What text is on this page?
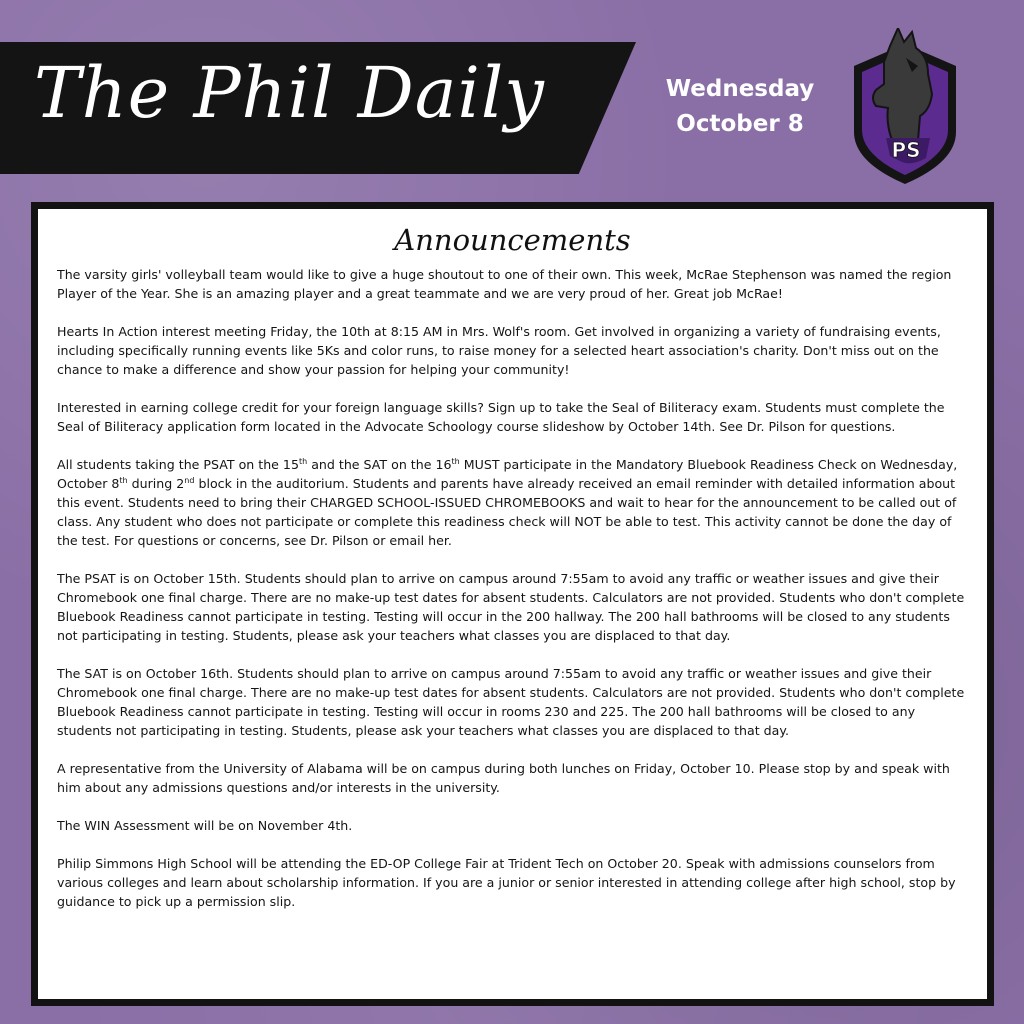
The Phil Daily	Wednesday
October 8
PS
Announcements

The varsity girls' volleyball team would like to give a huge shoutout to one of their own. This week, McRae Stephenson was named the region Player of the Year. She is an amazing player and a great teammate and we are very proud of her. Great job McRae!

Hearts In Action interest meeting Friday, the 10th at 8:15 AM in Mrs. Wolf's room. Get involved in organizing a variety of fundraising events, including specifically running events like 5Ks and color runs, to raise money for a selected heart association's charity. Don't miss out on the chance to make a difference and show your passion for helping your community!

Interested in earning college credit for your foreign language skills? Sign up to take the Seal of Biliteracy exam. Students must complete the Seal of Biliteracy application form located in the Advocate Schoology course slideshow by October 14th. See Dr. Pilson for questions.

All students taking the PSAT on the 15th and the SAT on the 16th MUST participate in the Mandatory Bluebook Readiness Check on Wednesday, October 8th during 2nd block in the auditorium. Students and parents have already received an email reminder with detailed information about this event. Students need to bring their CHARGED SCHOOL-ISSUED CHROMEBOOKS and wait to hear for the announcement to be called out of class. Any student who does not participate or complete this readiness check will NOT be able to test. This activity cannot be done the day of the test. For questions or concerns, see Dr. Pilson or email her.

The PSAT is on October 15th. Students should plan to arrive on campus around 7:55am to avoid any traffic or weather issues and give their Chromebook one final charge. There are no make-up test dates for absent students. Calculators are not provided. Students who don't complete Bluebook Readiness cannot participate in testing. Testing will occur in the 200 hallway. The 200 hall bathrooms will be closed to any students not participating in testing. Students, please ask your teachers what classes you are displaced to that day.

The SAT is on October 16th. Students should plan to arrive on campus around 7:55am to avoid any traffic or weather issues and give their Chromebook one final charge. There are no make-up test dates for absent students. Calculators are not provided. Students who don't complete Bluebook Readiness cannot participate in testing. Testing will occur in rooms 230 and 225. The 200 hall bathrooms will be closed to any students not participating in testing. Students, please ask your teachers what classes you are displaced to that day.

A representative from the University of Alabama will be on campus during both lunches on Friday, October 10. Please stop by and speak with him about any admissions questions and/or interests in the university.

The WIN Assessment will be on November 4th.

Philip Simmons High School will be attending the ED-OP College Fair at Trident Tech on October 20. Speak with admissions counselors from various colleges and learn about scholarship information. If you are a junior or senior interested in attending college after high school, stop by guidance to pick up a permission slip.
